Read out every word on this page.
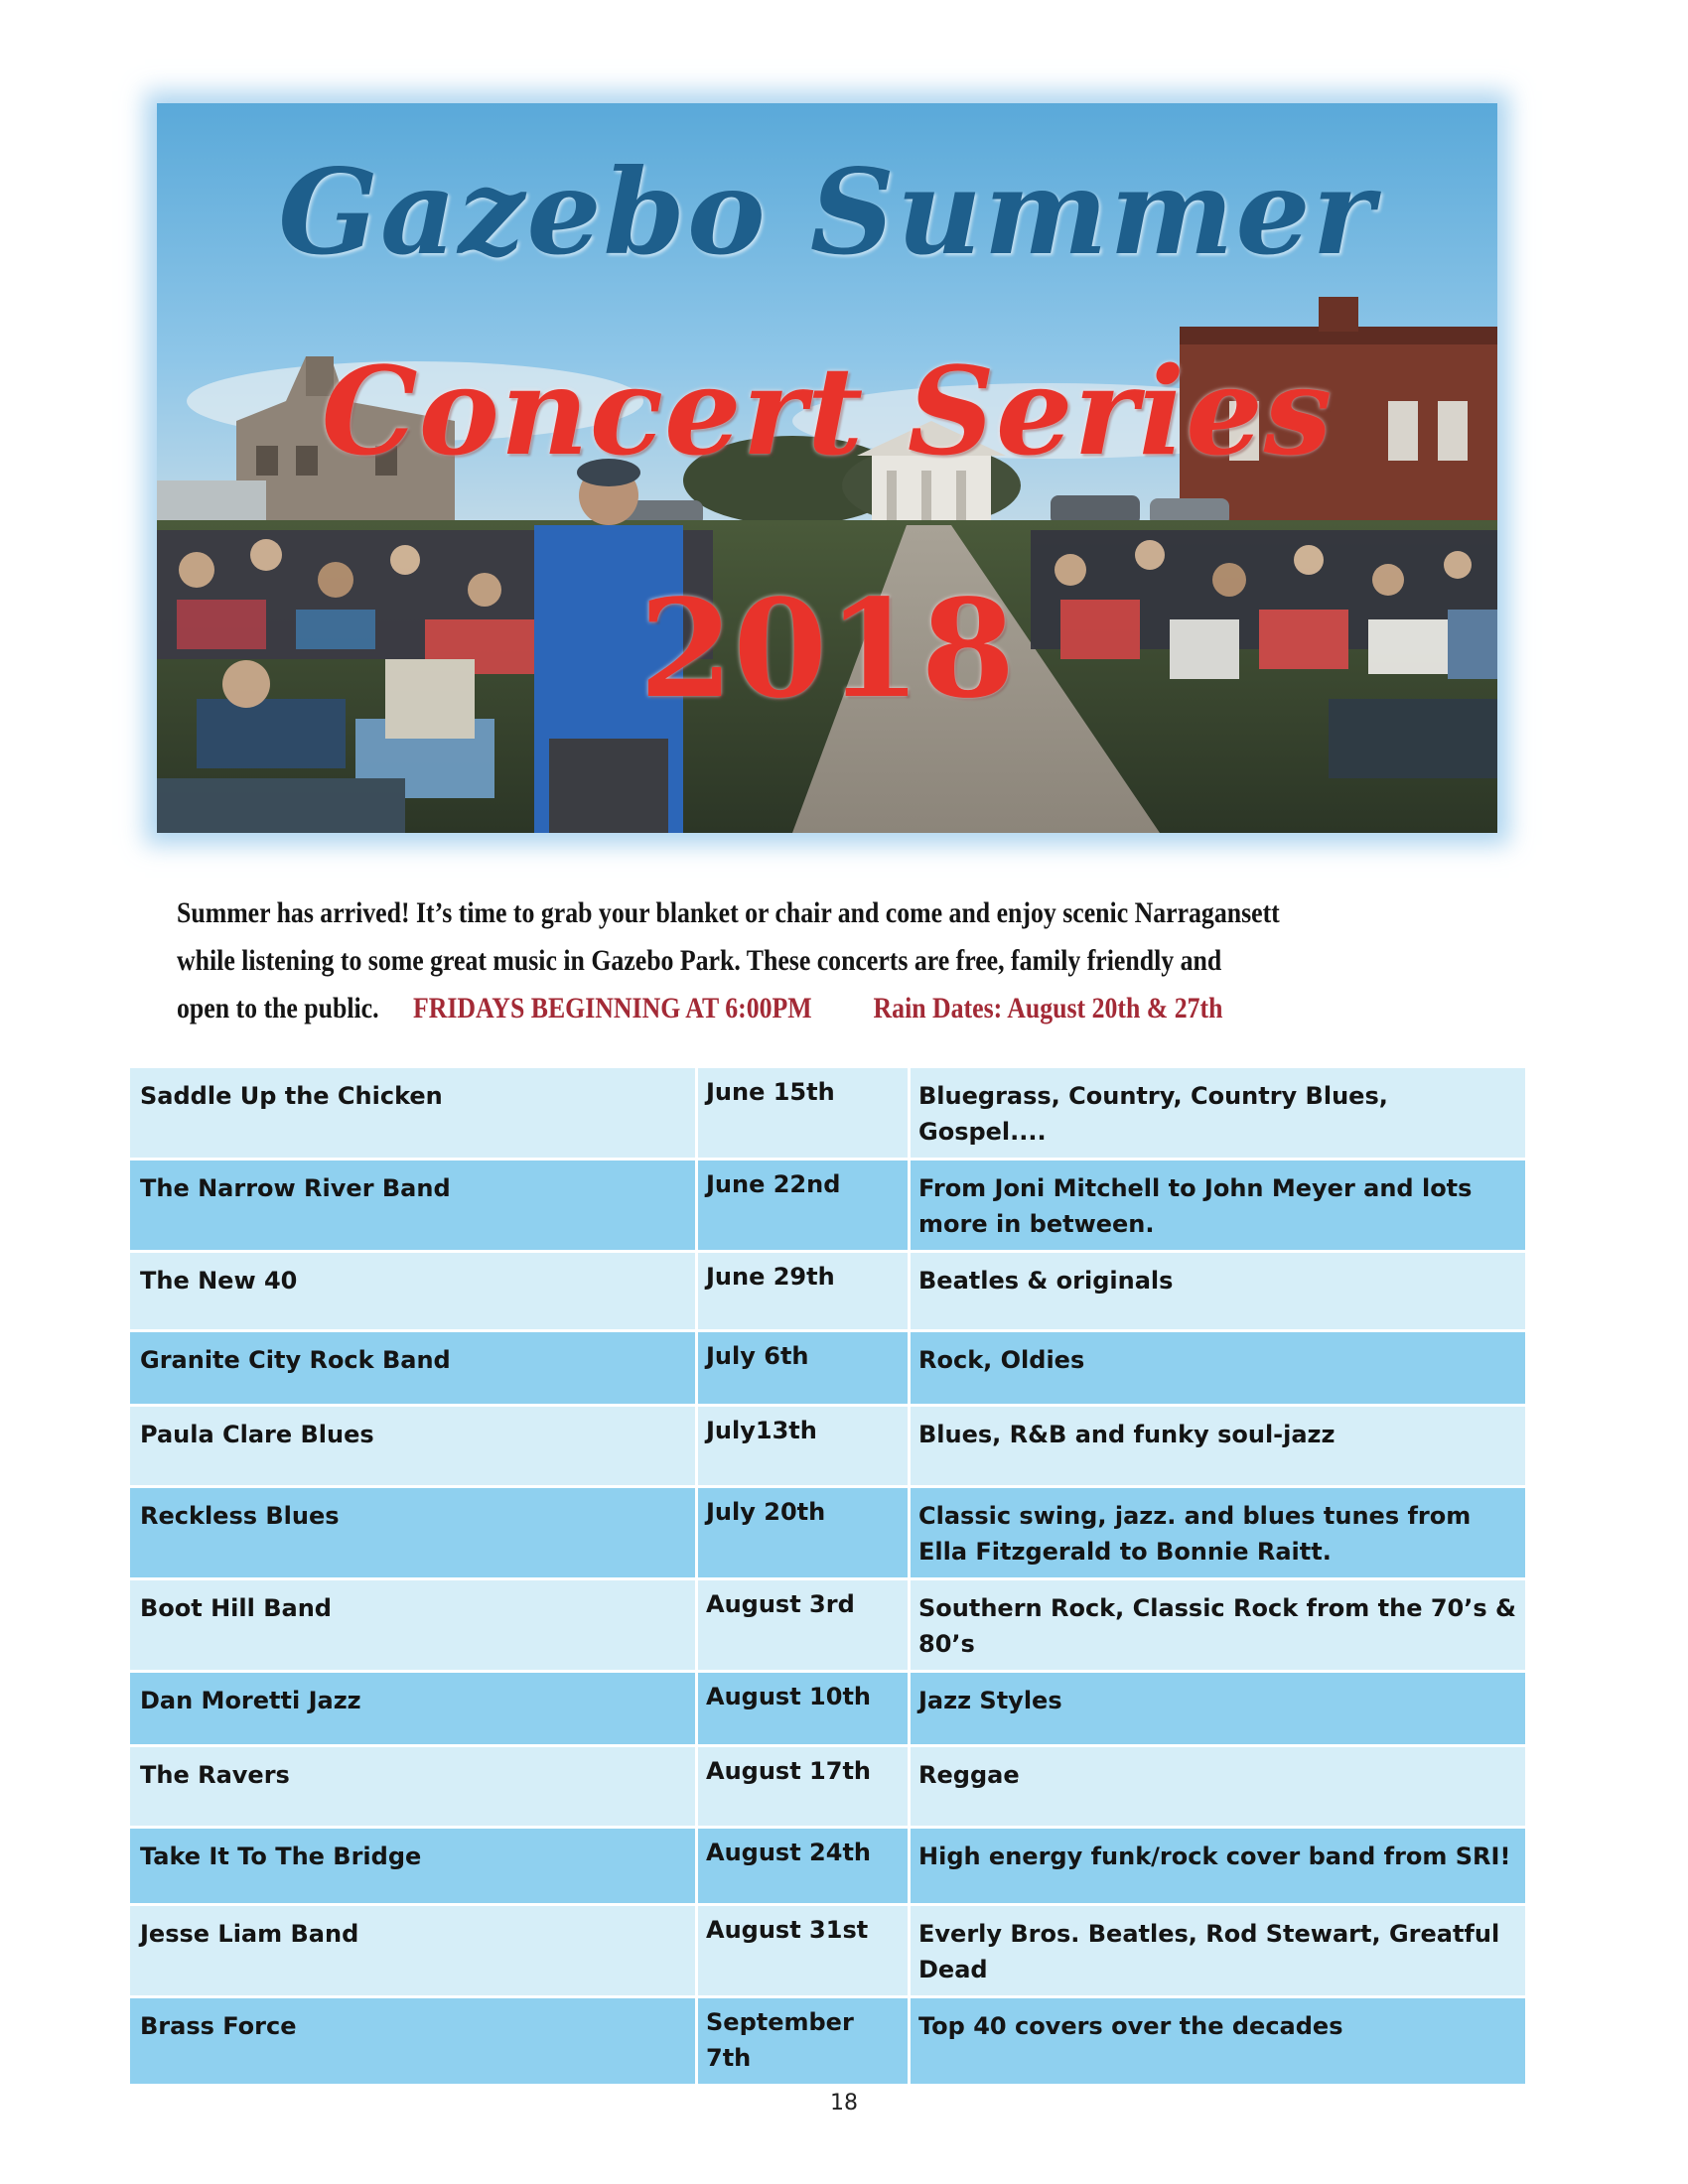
Gazebo Summer
Concert Series
2018

Summer has arrived! It’s time to grab your blanket or chair and come and enjoy scenic Narragansett

while listening to some great music in Gazebo Park. These concerts are free, family friendly and

open to the public. FRIDAYS BEGINNING AT 6:00PM Rain Dates: August 20th & 27th

Saddle Up the Chicken	June 15th	Bluegrass, Country, Country Blues, Gospel....
The Narrow River Band	June 22nd	From Joni Mitchell to John Meyer and lots more in between.
The New 40	June 29th	Beatles & originals
Granite City Rock Band	July 6th	Rock, Oldies
Paula Clare Blues	July13th	Blues, R&B and funky soul-jazz
Reckless Blues	July 20th	Classic swing, jazz. and blues tunes from Ella Fitzgerald to Bonnie Raitt.
Boot Hill Band	August 3rd	Southern Rock, Classic Rock from the 70’s & 80’s
Dan Moretti Jazz	August 10th	Jazz Styles
The Ravers	August 17th	Reggae
Take It To The Bridge	August 24th	High energy funk/rock cover band from SRI!
Jesse Liam Band	August 31st	Everly Bros. Beatles, Rod Stewart, Greatful Dead
Brass Force	September 7th	Top 40 covers over the decades
18
